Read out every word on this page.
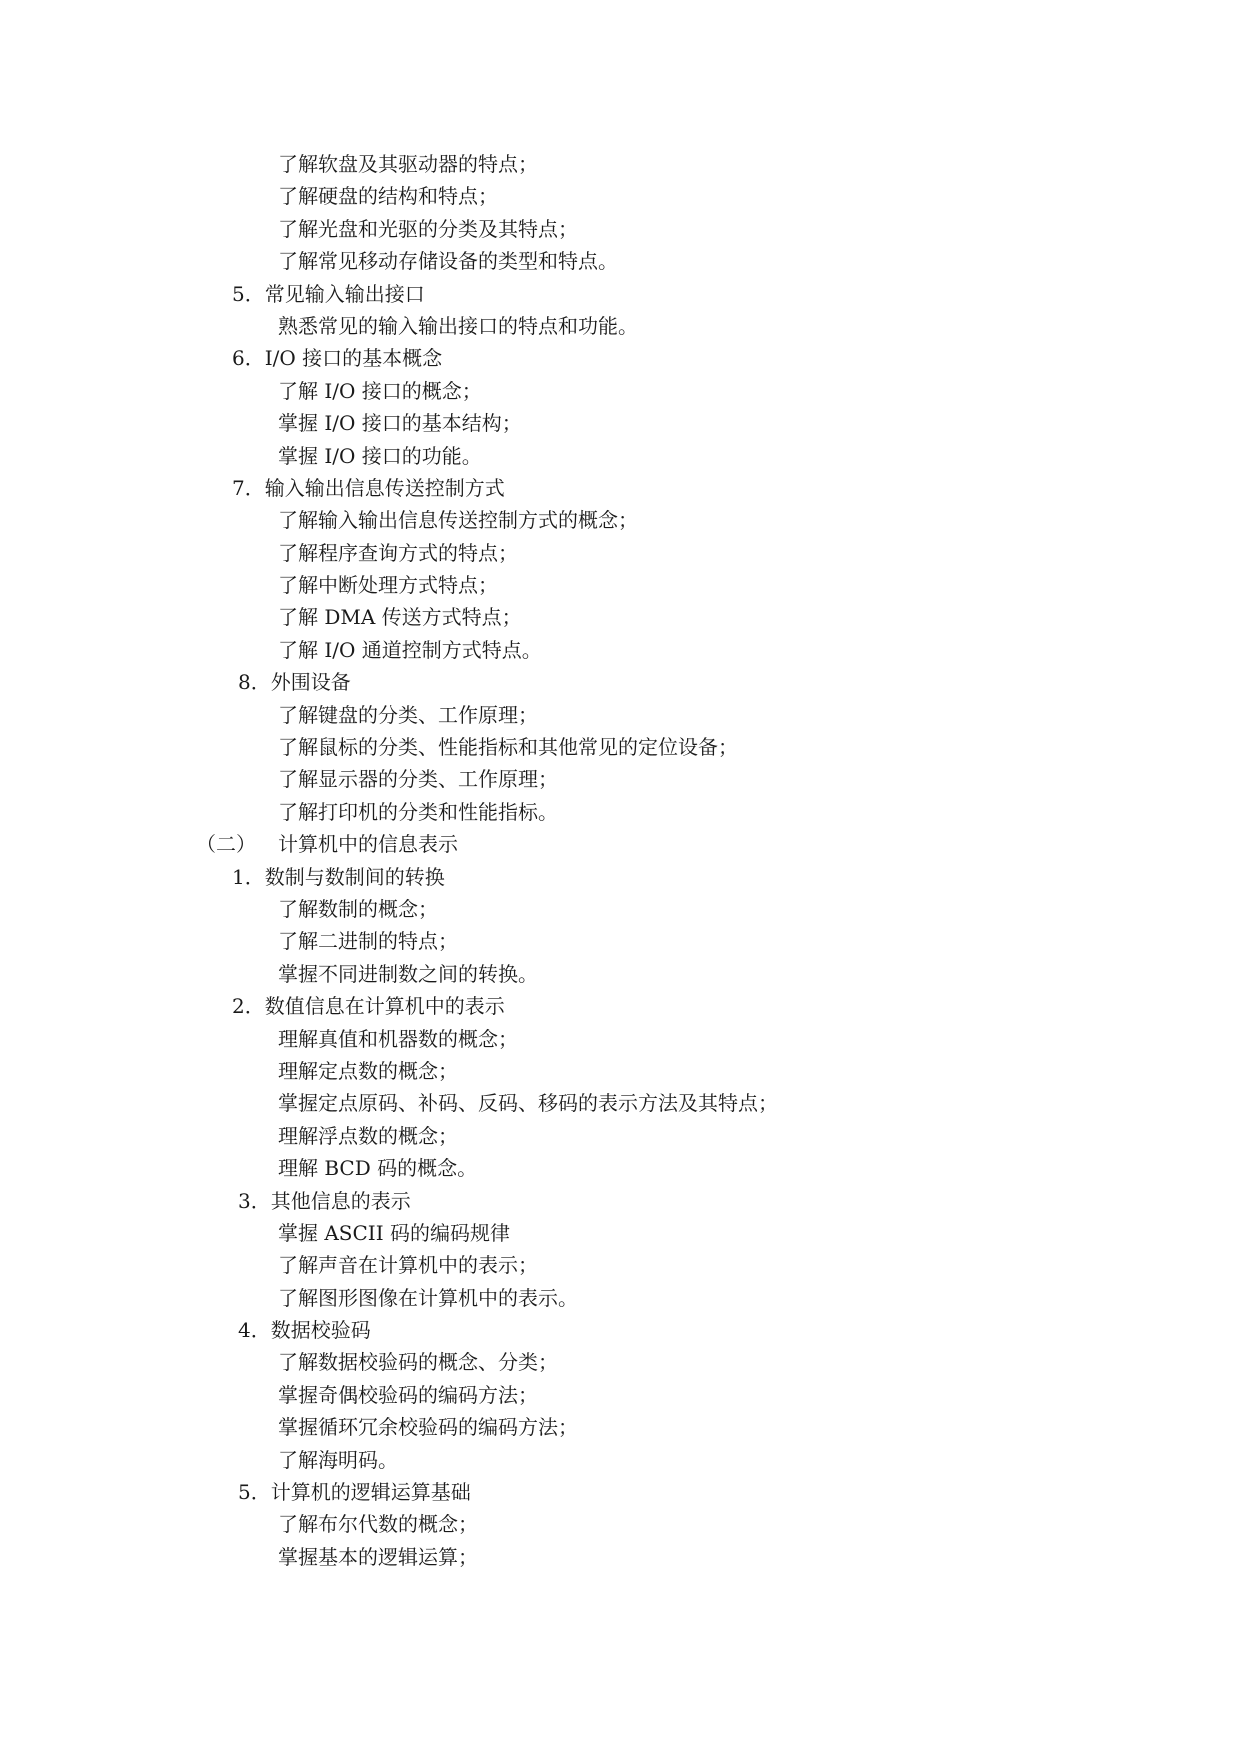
了解软盘及其驱动器的特点；
了解硬盘的结构和特点；
了解光盘和光驱的分类及其特点；
了解常见移动存储设备的类型和特点。
5．常见输入输出接口
熟悉常见的输入输出接口的特点和功能。
6．I/O 接口的基本概念
了解 I/O 接口的概念；
掌握 I/O 接口的基本结构；
掌握 I/O 接口的功能。
7．输入输出信息传送控制方式
了解输入输出信息传送控制方式的概念；
了解程序查询方式的特点；
了解中断处理方式特点；
了解 DMA 传送方式特点；
了解 I/O 通道控制方式特点。
8．外围设备
了解键盘的分类、工作原理；
了解鼠标的分类、性能指标和其他常见的定位设备；
了解显示器的分类、工作原理；
了解打印机的分类和性能指标。
（二） 计算机中的信息表示
1．数制与数制间的转换
了解数制的概念；
了解二进制的特点；
掌握不同进制数之间的转换。
2．数值信息在计算机中的表示
理解真值和机器数的概念；
理解定点数的概念；
掌握定点原码、补码、反码、移码的表示方法及其特点；
理解浮点数的概念；
理解 BCD 码的概念。
3．其他信息的表示
掌握 ASCII 码的编码规律
了解声音在计算机中的表示；
了解图形图像在计算机中的表示。
4．数据校验码
了解数据校验码的概念、分类；
掌握奇偶校验码的编码方法；
掌握循环冗余校验码的编码方法；
了解海明码。
5．计算机的逻辑运算基础
了解布尔代数的概念；
掌握基本的逻辑运算；
